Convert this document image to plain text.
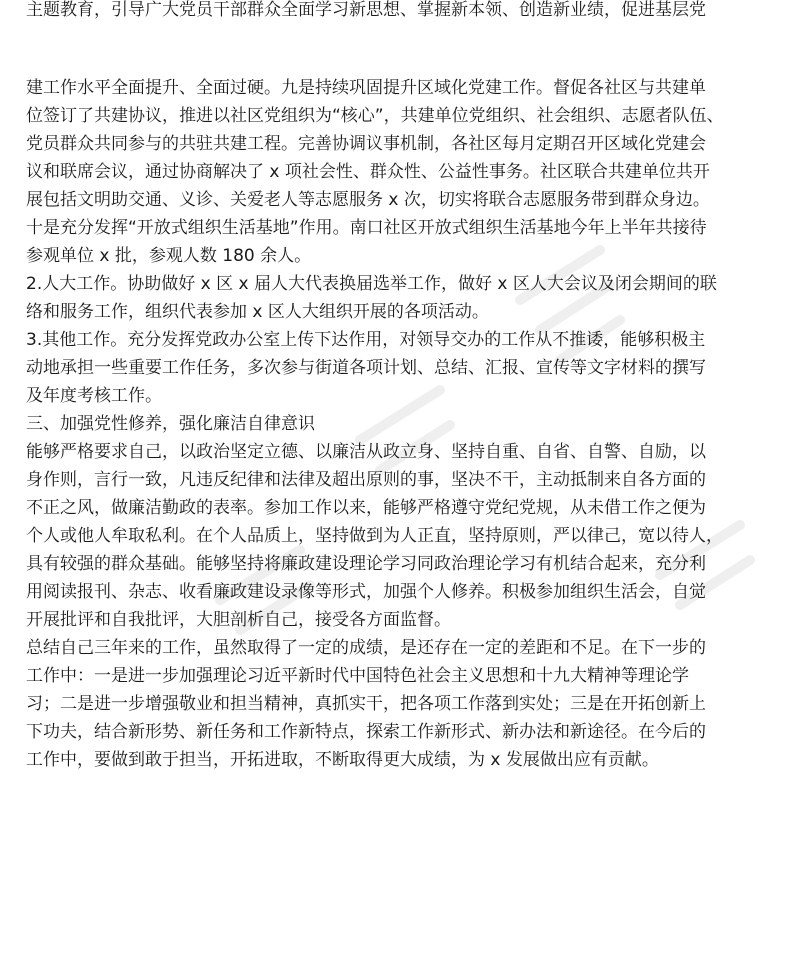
主题教育，引导广大党员干部群众全面学习新思想、掌握新本领、创造新业绩，促进基层党
建工作水平全面提升、全面过硬。九是持续巩固提升区域化党建工作。督促各社区与共建单
位签订了共建协议，推进以社区党组织为“核心”，共建单位党组织、社会组织、志愿者队伍、
党员群众共同参与的共驻共建工程。完善协调议事机制，各社区每月定期召开区域化党建会
议和联席会议，通过协商解决了 x 项社会性、群众性、公益性事务。社区联合共建单位共开
展包括文明助交通、义诊、关爱老人等志愿服务 x 次，切实将联合志愿服务带到群众身边。
十是充分发挥“开放式组织生活基地”作用。南口社区开放式组织生活基地今年上半年共接待
参观单位 x 批，参观人数 180 余人。
2.人大工作。协助做好 x 区 x 届人大代表换届选举工作，做好 x 区人大会议及闭会期间的联
络和服务工作，组织代表参加 x 区人大组织开展的各项活动。
3.其他工作。充分发挥党政办公室上传下达作用，对领导交办的工作从不推诿，能够积极主
动地承担一些重要工作任务，多次参与街道各项计划、总结、汇报、宣传等文字材料的撰写
及年度考核工作。
三、加强党性修养，强化廉洁自律意识
能够严格要求自己，以政治坚定立德、以廉洁从政立身、坚持自重、自省、自警、自励，以
身作则，言行一致，凡违反纪律和法律及超出原则的事，坚决不干，主动抵制来自各方面的
不正之风，做廉洁勤政的表率。参加工作以来，能够严格遵守党纪党规，从未借工作之便为
个人或他人牟取私利。在个人品质上，坚持做到为人正直，坚持原则，严以律己，宽以待人，
具有较强的群众基础。能够坚持将廉政建设理论学习同政治理论学习有机结合起来，充分利
用阅读报刊、杂志、收看廉政建设录像等形式，加强个人修养。积极参加组织生活会，自觉
开展批评和自我批评，大胆剖析自己，接受各方面监督。
总结自己三年来的工作，虽然取得了一定的成绩，是还存在一定的差距和不足。在下一步的
工作中：一是进一步加强理论习近平新时代中国特色社会主义思想和十九大精神等理论学
习；二是进一步增强敬业和担当精神，真抓实干，把各项工作落到实处；三是在开拓创新上
下功夫，结合新形势、新任务和工作新特点，探索工作新形式、新办法和新途径。在今后的
工作中，要做到敢于担当，开拓进取，不断取得更大成绩，为 x 发展做出应有贡献。
